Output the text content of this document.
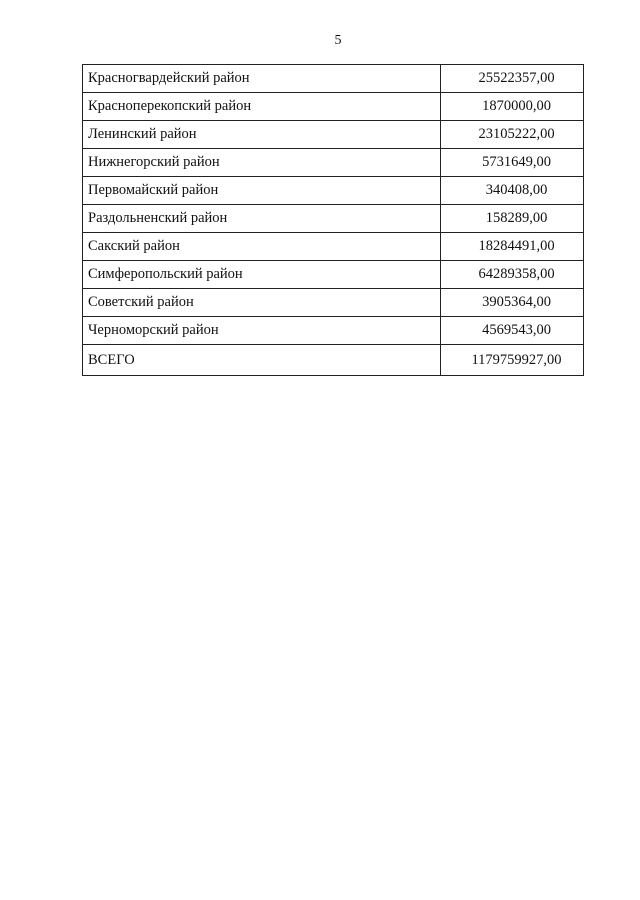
5
Красногвардейский район	25522357,00
Красноперекопский район	1870000,00
Ленинский район	23105222,00
Нижнегорский район	5731649,00
Первомайский район	340408,00
Раздольненский район	158289,00
Сакский район	18284491,00
Симферопольский район	64289358,00
Советский район	3905364,00
Черноморский район	4569543,00
ВСЕГО	1179759927,00
